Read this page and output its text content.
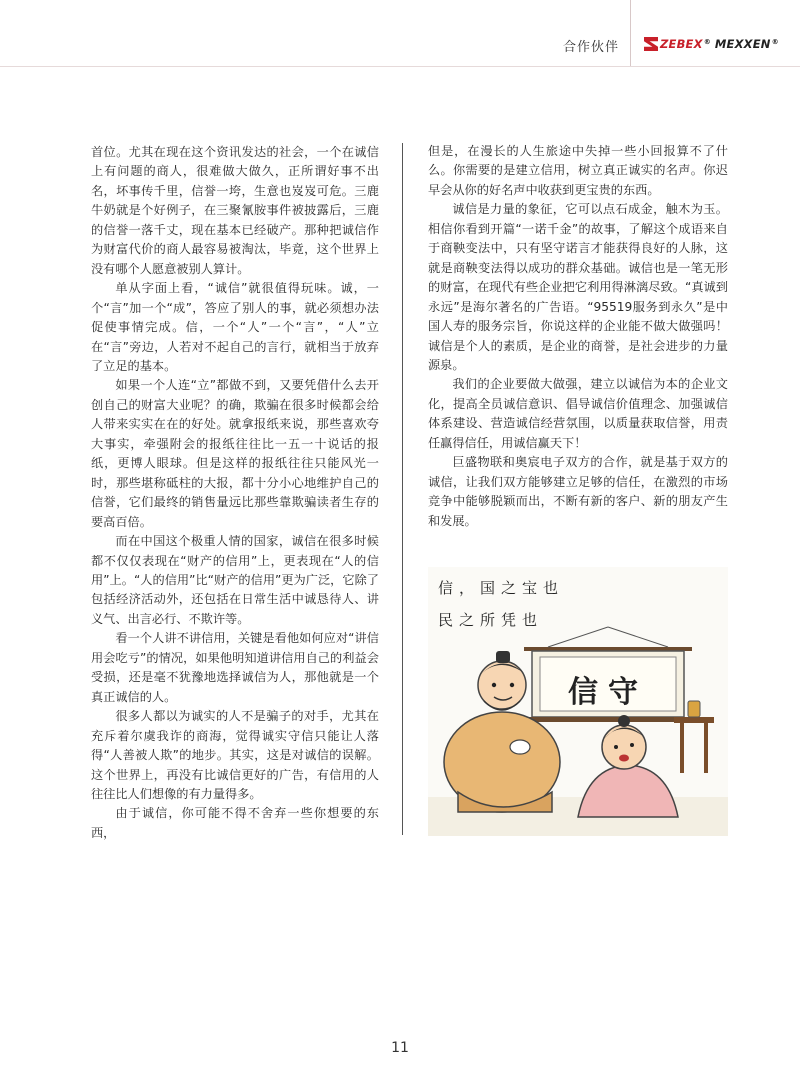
合作伙伴	ZEBEX® MEXXEN®

首位。尤其在现在这个资讯发达的社会，一个在诚信上有问题的商人，很难做大做久，正所谓好事不出名，坏事传千里，信誉一垮，生意也岌岌可危。三鹿牛奶就是个好例子，在三聚氰胺事件被披露后，三鹿的信誉一落千丈，现在基本已经破产。那种把诚信作为财富代价的商人最容易被淘汰，毕竟，这个世界上没有哪个人愿意被别人算计。

单从字面上看，“诚信”就很值得玩味。诚，一个“言”加一个“成”，答应了别人的事，就必须想办法促使事情完成。信，一个“人”一个“言”，“人”立在“言”旁边，人若对不起自己的言行，就相当于放弃了立足的基本。

如果一个人连“立”都做不到，又要凭借什么去开创自己的财富大业呢？的确，欺骗在很多时候都会给人带来实实在在的好处。就拿报纸来说，那些喜欢夸大事实，牵强附会的报纸往往比一五一十说话的报纸，更博人眼球。但是这样的报纸往往只能风光一时，那些堪称砥柱的大报，都十分小心地维护自己的信誉，它们最终的销售量远比那些靠欺骗读者生存的要高百倍。

而在中国这个极重人情的国家，诚信在很多时候都不仅仅表现在“财产的信用”上，更表现在“人的信用”上。“人的信用”比“财产的信用”更为广泛，它除了包括经济活动外，还包括在日常生活中诚恳待人、讲义气、出言必行、不欺许等。

看一个人讲不讲信用，关键是看他如何应对“讲信用会吃亏”的情况，如果他明知道讲信用自己的利益会受损，还是毫不犹豫地选择诚信为人，那他就是一个真正诚信的人。

很多人都以为诚实的人不是骗子的对手，尤其在充斥着尔虞我诈的商海，觉得诚实守信只能让人落得“人善被人欺”的地步。其实，这是对诚信的误解。这个世界上，再没有比诚信更好的广告，有信用的人往往比人们想像的有力量得多。

由于诚信，你可能不得不舍弃一些你想要的东西，

但是，在漫长的人生旅途中失掉一些小回报算不了什么。你需要的是建立信用，树立真正诚实的名声。你迟早会从你的好名声中收获到更宝贵的东西。

诚信是力量的象征，它可以点石成金，触木为玉。相信你看到开篇“一诺千金”的故事，了解这个成语来自于商鞅变法中，只有坚守诺言才能获得良好的人脉，这就是商鞅变法得以成功的群众基础。诚信也是一笔无形的财富，在现代有些企业把它利用得淋漓尽致。“真诚到永远”是海尔著名的广告语。“95519服务到永久”是中国人寿的服务宗旨，你说这样的企业能不做大做强吗！诚信是个人的素质，是企业的商誉，是社会进步的力量源泉。

我们的企业要做大做强，建立以诚信为本的企业文化，提高全员诚信意识、倡导诚信价值理念、加强诚信体系建设、营造诚信经营氛围，以质量获取信誉，用责任赢得信任，用诚信赢天下！

巨盛物联和奥宸电子双方的合作，就是基于双方的诚信，让我们双方能够建立足够的信任，在激烈的市场竞争中能够脱颖而出，不断有新的客户、新的朋友产生和发展。

信，国之宝也
民之所凭也
信守
11
